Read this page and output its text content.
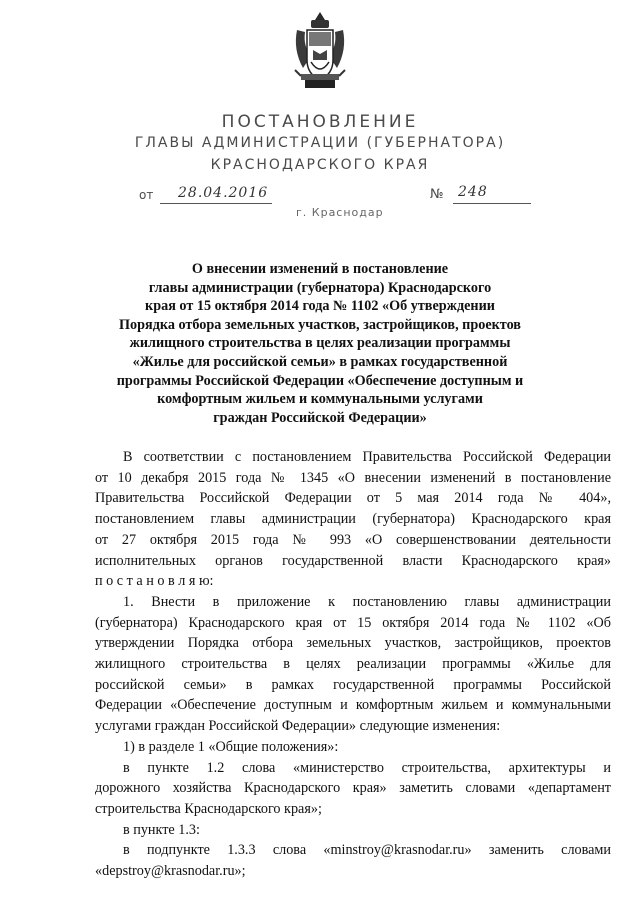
ПОСТАНОВЛЕНИЕ
ГЛАВЫ АДМИНИСТРАЦИИ (ГУБЕРНАТОРА)
КРАСНОДАРСКОГО КРАЯ
от 28.04.2016	№ 248
г. Краснодар
О внесении изменений в постановление
главы администрации (губернатора) Краснодарского
края от 15 октября 2014 года № 1102 «Об утверждении
Порядка отбора земельных участков, застройщиков, проектов
жилищного строительства в целях реализации программы
«Жилье для российской семьи» в рамках государственной
программы Российской Федерации «Обеспечение доступным и
комфортным жильем и коммунальными услугами
граждан Российской Федерации»
В соответствии с постановлением Правительства Российской Федерации
от 10 декабря 2015 года № 1345 «О внесении изменений в постановление
Правительства Российской Федерации от 5 мая 2014 года № 404»,
постановлением главы администрации (губернатора) Краснодарского края
от 27 октября 2015 года № 993 «О совершенствовании деятельности
исполнительных органов государственной власти Краснодарского края»
п о с т а н о в л я ю:
1. Внести в приложение к постановлению главы администрации
(губернатора) Краснодарского края от 15 октября 2014 года № 1102 «Об
утверждении Порядка отбора земельных участков, застройщиков, проектов
жилищного строительства в целях реализации программы «Жилье для
российской семьи» в рамках государственной программы Российской
Федерации «Обеспечение доступным и комфортным жильем и коммунальными
услугами граждан Российской Федерации» следующие изменения:
1) в разделе 1 «Общие положения»:
в пункте 1.2 слова «министерство строительства, архитектуры и
дорожного хозяйства Краснодарского края» заметить словами «департамент
строительства Краснодарского края»;
в пункте 1.3:
в подпункте 1.3.3 слова «minstroy@krasnodar.ru» заменить словами
«depstroy@krasnodar.ru»;
